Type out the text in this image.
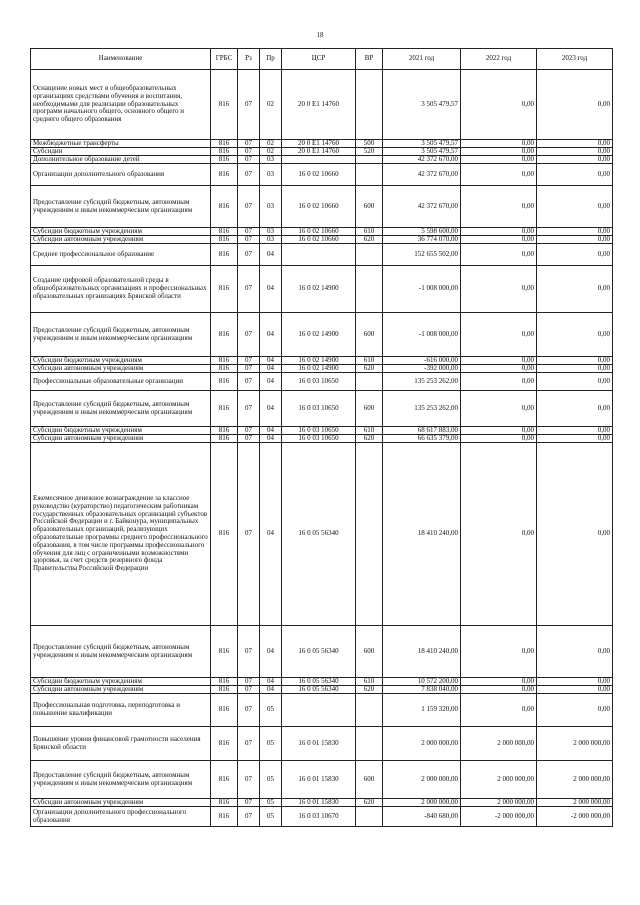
18
Наименование	ГРБС	Рз	Пр	ЦСР	ВР	2021 год	2022 год	2023 год
Оснащение новых мест в общеобразовательных организациях средствами обучения и воспитания, необходимыми для реализации образовательных программ начального общего, основного общего и среднего общего образования	816	07	02	20 0 E1 14760		3 505 479,57	0,00	0,00
Межбюджетные трансферты	816	07	02	20 0 E1 14760	500	3 505 479,57	0,00	0,00
Субсидии	816	07	02	20 0 E1 14760	520	3 505 479,57	0,00	0,00
Дополнительное образование детей	816	07	03			42 372 670,00	0,00	0,00
Организации дополнительного образования	816	07	03	16 0 02 10660		42 372 670,00	0,00	0,00
Предоставление субсидий бюджетным, автономным учреждениям и иным некоммерческим организациям	816	07	03	16 0 02 10660	600	42 372 670,00	0,00	0,00
Субсидии бюджетным учреждениям	816	07	03	16 0 02 10660	610	5 598 600,00	0,00	0,00
Субсидии автономным учреждениям	816	07	03	16 0 02 10660	620	36 774 070,00	0,00	0,00
Среднее профессиональное образование	816	07	04			152 655 502,00	0,00	0,00
Создание цифровой образовательной среды в общеобразовательных организациях и профессиональных образовательных организациях Брянской области	816	07	04	16 0 02 14900		-1 008 000,00	0,00	0,00
Предоставление субсидий бюджетным, автономным учреждениям и иным некоммерческим организациям	816	07	04	16 0 02 14900	600	-1 008 000,00	0,00	0,00
Субсидии бюджетным учреждениям	816	07	04	16 0 02 14900	610	-616 000,00	0,00	0,00
Субсидии автономным учреждениям	816	07	04	16 0 02 14900	620	-392 000,00	0,00	0,00
Профессиональные образовательные организации	816	07	04	16 0 03 10650		135 253 262,00	0,00	0,00
Предоставление субсидий бюджетным, автономным учреждениям и иным некоммерческим организациям	816	07	04	16 0 03 10650	600	135 253 262,00	0,00	0,00
Субсидии бюджетным учреждениям	816	07	04	16 0 03 10650	610	68 617 883,00	0,00	0,00
Субсидии автономным учреждениям	816	07	04	16 0 03 10650	620	66 635 379,00	0,00	0,00
Ежемесячное денежное вознаграждение за классное руководство (кураторство) педагогическим работникам государственных образовательных организаций субъектов Российской Федерации и г. Байконура, муниципальных образовательных организаций, реализующих образовательные программы среднего профессионального образования, в том числе программы профессионального обучения для лиц с ограниченными возможностями здоровья, за счет средств резервного фонда Правительства Российской Федерации	816	07	04	16 0 05 56340		18 410 240,00	0,00	0,00
Предоставление субсидий бюджетным, автономным учреждениям и иным некоммерческим организациям	816	07	04	16 0 05 56340	600	18 410 240,00	0,00	0,00
Субсидии бюджетным учреждениям	816	07	04	16 0 05 56340	610	10 572 200,00	0,00	0,00
Субсидии автономным учреждениям	816	07	04	16 0 05 56340	620	7 838 040,00	0,00	0,00
Профессиональная подготовка, переподготовка и повышение квалификации	816	07	05			1 159 320,00	0,00	0,00
Повышение уровня финансовой грамотности населения Брянской области	816	07	05	16 0 01 15830		2 000 000,00	2 000 000,00	2 000 000,00
Предоставление субсидий бюджетным, автономным учреждениям и иным некоммерческим организациям	816	07	05	16 0 01 15830	600	2 000 000,00	2 000 000,00	2 000 000,00
Субсидии автономным учреждениям	816	07	05	16 0 01 15830	620	2 000 000,00	2 000 000,00	2 000 000,00
Организации дополнительного профессионального образования	816	07	05	16 0 03 10670		-840 680,00	-2 000 000,00	-2 000 000,00
